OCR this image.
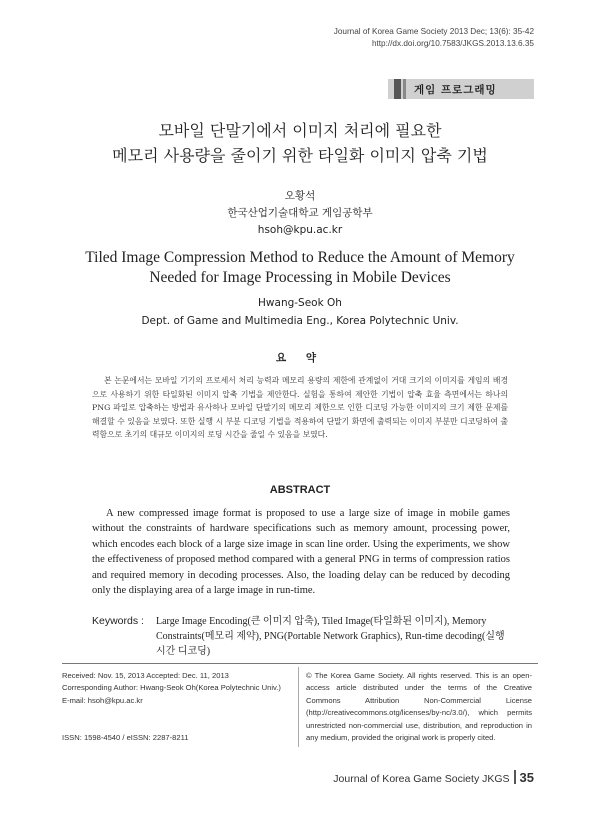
Journal of Korea Game Society 2013 Dec; 13(6): 35-42
http://dx.doi.org/10.7583/JKGS.2013.13.6.35
게임 프로그래밍
모바일 단말기에서 이미지 처리에 필요한
메모리 사용량을 줄이기 위한 타일화 이미지 압축 기법
오황석
한국산업기술대학교 게임공학부
hsoh@kpu.ac.kr
Tiled Image Compression Method to Reduce the Amount of Memory
Needed for Image Processing in Mobile Devices
Hwang-Seok Oh
Dept. of Game and Multimedia Eng., Korea Polytechnic Univ.
요 약
본 논문에서는 모바일 기기의 프로세서 처리 능력과 메모리 용량의 제한에 관계없이 거대 크기의 이미지를 게임의 배경으로 사용하기 위한 타일화된 이미지 압축 기법을 제안한다. 실험을 통하여 제안한 기법이 압축 효율 측면에서는 하나의 PNG 파일로 압축하는 방법과 유사하나 모바일 단말기의 메모리 제한으로 인한 디코딩 가능한 이미지의 크기 제한 문제를 해결할 수 있음을 보였다. 또한 실행 시 부분 디코딩 기법을 적용하여 단말기 화면에 출력되는 이미지 부분만 디코딩하여 출력함으로 초기의 대규모 이미지의 로딩 시간을 줄일 수 있음을 보였다.
ABSTRACT
A new compressed image format is proposed to use a large size of image in mobile games without the constraints of hardware specifications such as memory amount, processing power, which encodes each block of a large size image in scan line order. Using the experiments, we show the effectiveness of proposed method compared with a general PNG in terms of compression ratios and required memory in decoding processes. Also, the loading delay can be reduced by decoding only the displaying area of a large image in run-time.
Keywords : Large Image Encoding(큰 이미지 압축), Tiled Image(타일화된 이미지), Memory Constraints(메모리 제약), PNG(Portable Network Graphics), Run-time decoding(실행 시간 디코딩)
Received: Nov. 15, 2013 Accepted: Dec. 11, 2013
Corresponding Author: Hwang-Seok Oh(Korea Polytechnic Univ.)
E-mail: hsoh@kpu.ac.kr
ISSN: 1598-4540 / eISSN: 2287-8211
© The Korea Game Society. All rights reserved. This is an open-access article distributed under the terms of the Creative Commons Attribution Non-Commercial License (http://creativecommons.otg/licenses/by-nc/3.0/), which permits unrestricted non-commercial use, distribution, and reproduction in any medium, provided the original work is properly cited.
Journal of Korea Game Society JKGS 35
